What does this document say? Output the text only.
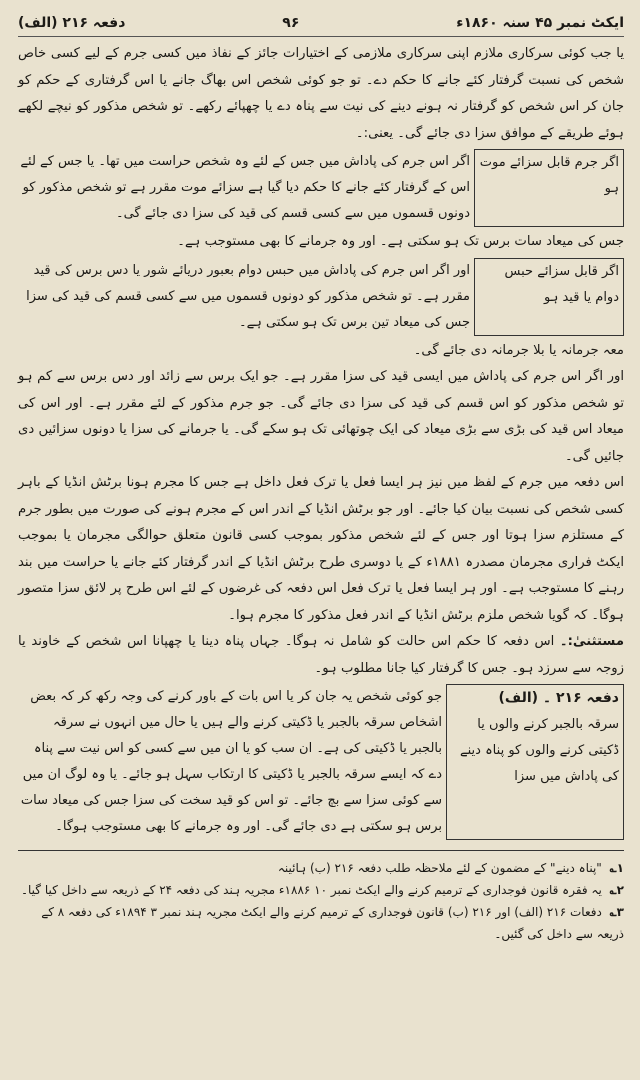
ایکٹ نمبر ۴۵ سنہ ۱۸۶۰ء
۹۶
دفعہ ۲۱۶ (الف)

یا جب کوئی سرکاری ملازم اپنی سرکاری ملازمی کے اختیارات جائز کے نفاذ میں کسی جرم کے لیے کسی خاص شخص کی نسبت گرفتار کئے جانے کا حکم دے۔ تو جو کوئی شخص اس بھاگ جانے یا اس گرفتاری کے حکم کو جان کر اس شخص کو گرفتار نہ ہونے دینے کی نیت سے پناہ دے یا چھپائے رکھے۔ تو شخص مذکور کو نیچے لکھے ہوئے طریقے کے موافق سزا دی جائے گی۔ یعنی:۔

اگر جرم قابل سزائے موت ہو
اگر اس جرم کی پاداش میں جس کے لئے وہ شخص حراست میں تھا۔ یا جس کے لئے اس کے گرفتار کئے جانے کا حکم دیا گیا ہے سزائے موت مقرر ہے تو شخص مذکور کو دونوں قسموں میں سے کسی قسم کی قید کی سزا دی جائے گی۔

جس کی میعاد سات برس تک ہو سکتی ہے۔ اور وہ جرمانے کا بھی مستوجب ہے۔

اگر قابل سزائے حبس دوام یا قید ہو
اور اگر اس جرم کی پاداش میں حبس دوام بعبور دریائے شور یا دس برس کی قید مقرر ہے۔ تو شخص مذکور کو دونوں قسموں میں سے کسی قسم کی قید کی سزا جس کی میعاد تین برس تک ہو سکتی ہے۔

معہ جرمانہ یا بلا جرمانہ دی جائے گی۔

اور اگر اس جرم کی پاداش میں ایسی قید کی سزا مقرر ہے۔ جو ایک برس سے زائد اور دس برس سے کم ہو تو شخص مذکور کو اس قسم کی قید کی سزا دی جائے گی۔ جو جرم مذکور کے لئے مقرر ہے۔ اور اس کی میعاد اس قید کی بڑی سے بڑی میعاد کی ایک چوتھائی تک ہو سکے گی۔ یا جرمانے کی سزا یا دونوں سزائیں دی جائیں گی۔

اس دفعہ میں جرم کے لفظ میں نیز ہر ایسا فعل یا ترک فعل داخل ہے جس کا مجرم ہونا برٹش انڈیا کے باہر کسی شخص کی نسبت بیان کیا جائے۔ اور جو برٹش انڈیا کے اندر اس کے مجرم ہونے کی صورت میں بطور جرم کے مستلزم سزا ہوتا اور جس کے لئے شخص مذکور بموجب کسی قانون متعلق حوالگی مجرمان یا بموجب ایکٹ فراری مجرمان مصدرہ ۱۸۸۱ء کے یا دوسری طرح برٹش انڈیا کے اندر گرفتار کئے جانے یا حراست میں بند رہنے کا مستوجب ہے۔ اور ہر ایسا فعل یا ترک فعل اس دفعہ کی غرضوں کے لئے اس طرح پر لائق سزا متصور ہوگا۔ کہ گویا شخص ملزم برٹش انڈیا کے اندر فعل مذکور کا مجرم ہوا۔

مستثنیٰ:۔ اس دفعہ کا حکم اس حالت کو شامل نہ ہوگا۔ جہاں پناہ دینا یا چھپانا اس شخص کے خاوند یا زوجہ سے سرزد ہو۔ جس کا گرفتار کیا جانا مطلوب ہو۔

دفعہ ۲۱۶ ۔ (الف)
سرقہ بالجبر کرنے والوں یا ڈکیتی کرنے والوں کو پناہ دینے کی پاداش میں سزا
جو کوئی شخص یہ جان کر یا اس بات کے باور کرنے کی وجہ رکھ کر کہ بعض اشخاص سرقہ بالجبر یا ڈکیتی کرنے والے ہیں یا حال میں انہوں نے سرقہ بالجبر یا ڈکیتی کی ہے۔ ان سب کو یا ان میں سے کسی کو اس نیت سے پناہ دے کہ ایسے سرقہ بالجبر یا ڈکیتی کا ارتکاب سہل ہو جائے۔ یا وہ لوگ ان میں سے کوئی سزا سے بچ جائے۔ تو اس کو قید سخت کی سزا جس کی میعاد سات برس ہو سکتی ہے دی جائے گی۔ اور وہ جرمانے کا بھی مستوجب ہوگا۔

۱؎ "پناہ دینے" کے مضمون کے لئے ملاحظہ طلب دفعہ ۲۱۶ (ب) ہائینہ

۲؎ یہ فقرہ قانون فوجداری کے ترمیم کرنے والے ایکٹ نمبر ۱۰ ۱۸۸۶ء مجریہ ہند کی دفعہ ۲۴ کے ذریعہ سے داخل کیا گیا۔

۳؎ دفعات ۲۱۶ (الف) اور ۲۱۶ (ب) قانون فوجداری کے ترمیم کرنے والے ایکٹ مجریہ ہند نمبر ۳ ۱۸۹۴ء کی دفعہ ۸ کے ذریعہ سے داخل کی گئیں۔
